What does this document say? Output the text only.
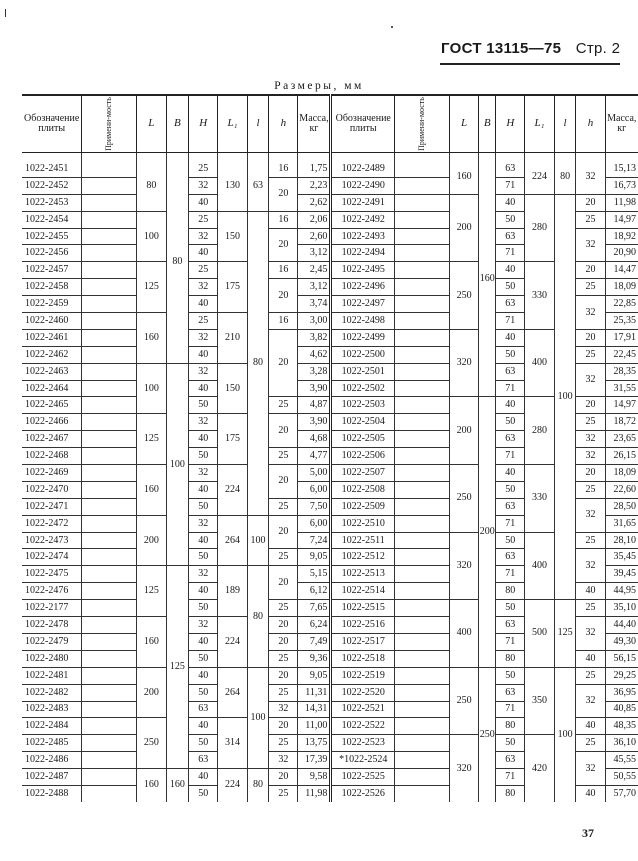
ГОСТ 13115—75 Стр. 2
Размеры, мм
Обозначение плиты	Примени-мость	L	B	H	L₁	l	h	Масса, кг	Обозначение плиты	Примени-мость	L	B	H	L₁	l	h	Масса, кг

1022-2451		80	80	25	130	63	16	1,75	1022-2489		160	160	63	224	80	32	15,13
1022-2452				32			20	2,23	1022-2490				71				16,73
1022-2453				40				2,62	1022-2491		200		40	280	100	20	11,98
1022-2454		100		25	150	80	16	2,06	1022-2492				50			25	14,97
1022-2455				32			20	2,60	1022-2493				63			32	18,92
1022-2456				40				3,12	1022-2494				71				20,90
1022-2457		125		25	175		16	2,45	1022-2495		250		40	330		20	14,47
1022-2458				32			20	3,12	1022-2496				50			25	18,09
1022-2459				40				3,74	1022-2497				63			32	22,85
1022-2460		160		25	210		16	3,00	1022-2498				71				25,35
1022-2461				32			20	3,82	1022-2499		320		40	400		20	17,91
1022-2462				40				4,62	1022-2500				50			25	22,45
1022-2463		100	100	32	150			3,28	1022-2501				63			32	28,35
1022-2464				40				3,90	1022-2502				71				31,55
1022-2465				50			25	4,87	1022-2503		200	200	40	280		20	14,97
1022-2466		125		32	175		20	3,90	1022-2504				50			25	18,72
1022-2467				40				4,68	1022-2505				63			32	23,65
1022-2468				50			25	4,77	1022-2506				71			32	26,15
1022-2469		160		32	224		20	5,00	1022-2507		250		40	330		20	18,09
1022-2470				40				6,00	1022-2508				50			25	22,60
1022-2471				50			25	7,50	1022-2509				63			32	28,50
1022-2472		200		32	264	100	20	6,00	1022-2510				71				31,65
1022-2473				40				7,24	1022-2511		320		50	400		25	28,10
1022-2474				50			25	9,05	1022-2512				63			32	35,45
1022-2475		125	125	32	189	80	20	5,15	1022-2513				71				39,45
1022-2476				40				6,12	1022-2514				80			40	44,95
1022-2177				50			25	7,65	1022-2515		400		50	500	125	25	35,10
1022-2478		160		32	224		20	6,24	1022-2516				63			32	44,40
1022-2479				40			20	7,49	1022-2517				71				49,30
1022-2480				50			25	9,36	1022-2518				80			40	56,15
1022-2481		200		40	264	100	20	9,05	1022-2519		250	250	50	350	100	25	29,25
1022-2482				50			25	11,31	1022-2520				63			32	36,95
1022-2483				63			32	14,31	1022-2521				71				40,85
1022-2484		250		40	314		20	11,00	1022-2522				80			40	48,35
1022-2485				50			25	13,75	1022-2523		320		50	420		25	36,10
1022-2486				63			32	17,39	*1022-2524				63			32	45,55
1022-2487		160	160	40	224	80	20	9,58	1022-2525				71				50,55
1022-2488				50			25	11,98	1022-2526				80			40	57,70
37
